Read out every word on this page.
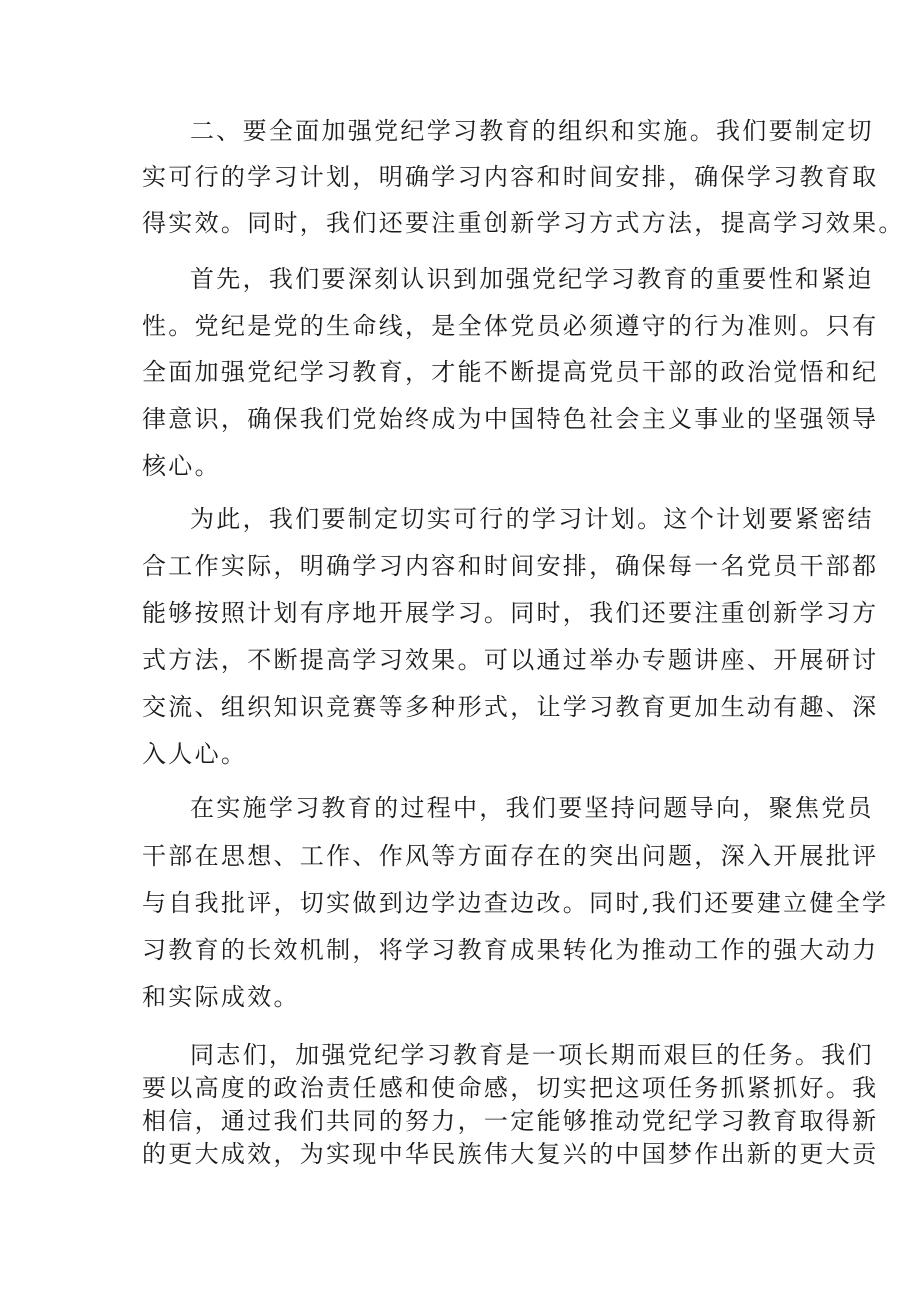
二、要全面加强党纪学习教育的组织和实施。我们要制定切

实可行的学习计划，明确学习内容和时间安排，确保学习教育取

得实效。同时，我们还要注重创新学习方式方法，提高学习效果。

首先，我们要深刻认识到加强党纪学习教育的重要性和紧迫

性。党纪是党的生命线，是全体党员必须遵守的行为准则。只有

全面加强党纪学习教育，才能不断提高党员干部的政治觉悟和纪

律意识，确保我们党始终成为中国特色社会主义事业的坚强领导

核心。

为此，我们要制定切实可行的学习计划。这个计划要紧密结

合工作实际，明确学习内容和时间安排，确保每一名党员干部都

能够按照计划有序地开展学习。同时，我们还要注重创新学习方

式方法，不断提高学习效果。可以通过举办专题讲座、开展研讨

交流、组织知识竞赛等多种形式，让学习教育更加生动有趣、深

入人心。

在实施学习教育的过程中，我们要坚持问题导向，聚焦党员

干部在思想、工作、作风等方面存在的突出问题，深入开展批评

与自我批评，切实做到边学边查边改。同时,我们还要建立健全学

习教育的长效机制，将学习教育成果转化为推动工作的强大动力

和实际成效。

同志们，加强党纪学习教育是一项长期而艰巨的任务。我们

要以高度的政治责任感和使命感，切实把这项任务抓紧抓好。我

相信，通过我们共同的努力，一定能够推动党纪学习教育取得新

的更大成效，为实现中华民族伟大复兴的中国梦作出新的更大贡
